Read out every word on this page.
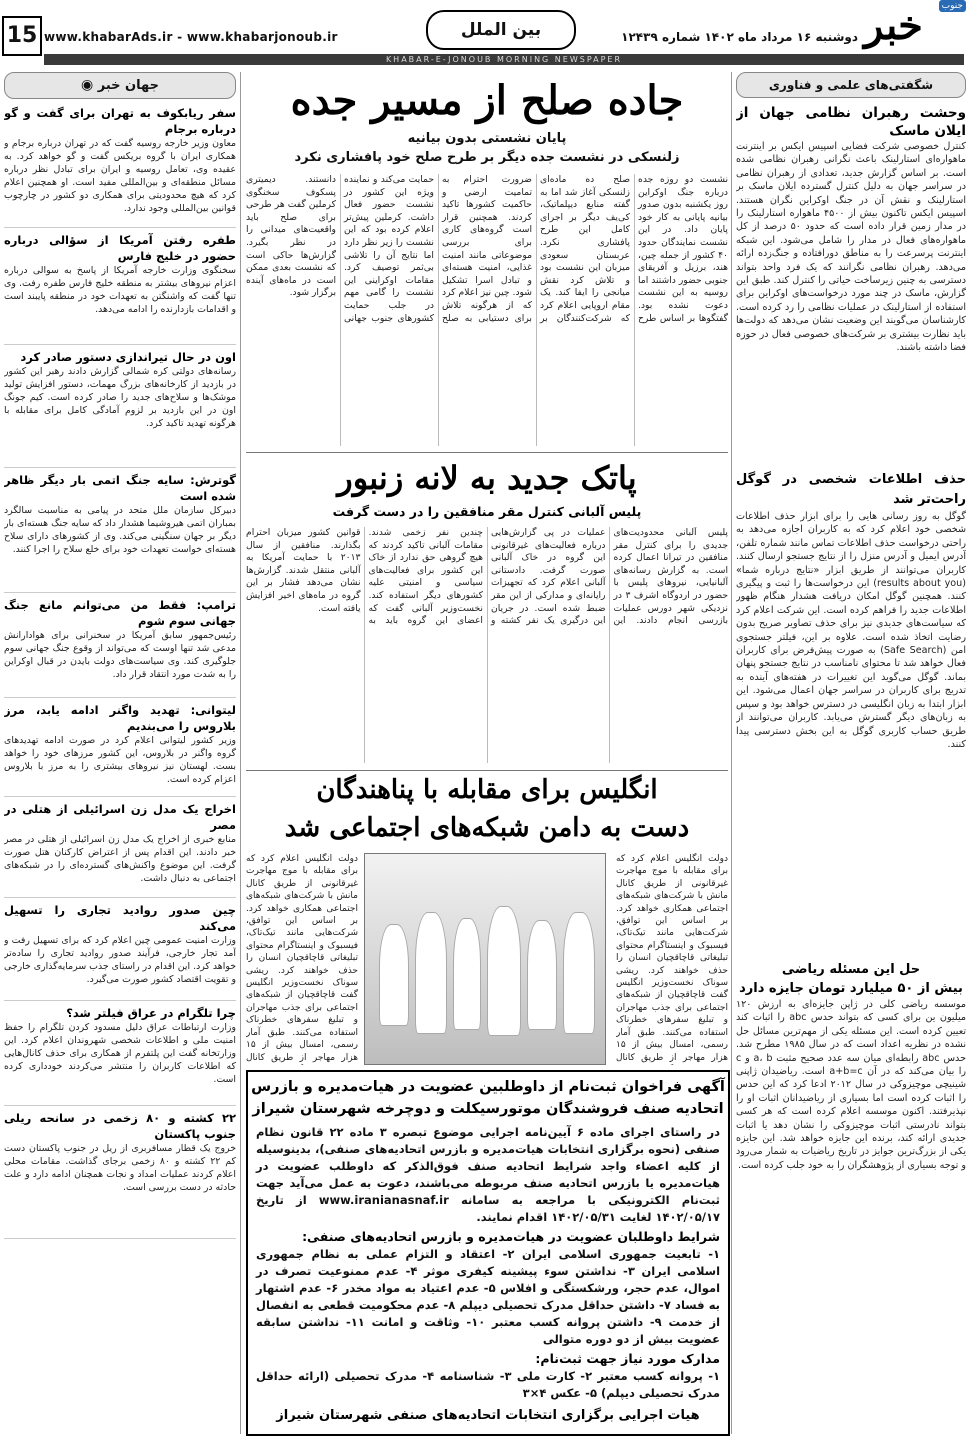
خبر	جنوب
دوشنبه ۱۶ مرداد ماه ۱۴۰۲ شماره ۱۲۴۳۹
بین الملل
www.khabarAds.ir - www.khabarjonoub.ir
15
KHABAR-E-JONOUB MORNING NEWSPAPER
شگفتی‌های علمی و فناوری
وحشت رهبران نظامی جهان از ایلان ماسک
کنترل خصوصی شرکت فضایی اسپیس ایکس بر اینترنت ماهواره‌ای استارلینک باعث نگرانی رهبران نظامی شده است. بر اساس گزارش جدید، تعدادی از رهبران نظامی در سراسر جهان به دلیل کنترل گسترده ایلان ماسک بر استارلینک و نقش آن در جنگ اوکراین نگران هستند. اسپیس ایکس تاکنون بیش از ۴۵۰۰ ماهواره استارلینک را در مدار زمین قرار داده است که حدود ۵۰ درصد از کل ماهواره‌های فعال در مدار را شامل می‌شود. این شبکه اینترنت پرسرعت را به مناطق دورافتاده و جنگ‌زده ارائه می‌دهد. رهبران نظامی نگرانند که یک فرد واحد بتواند دسترسی به چنین زیرساخت حیاتی را کنترل کند. طبق این گزارش، ماسک در چند مورد درخواست‌های اوکراین برای استفاده از استارلینک در عملیات نظامی را رد کرده است. کارشناسان می‌گویند این وضعیت نشان می‌دهد که دولت‌ها باید نظارت بیشتری بر شرکت‌های خصوصی فعال در حوزه فضا داشته باشند.
حذف اطلاعات شخصی در گوگل راحت‌تر شد
گوگل به روز رسانی هایی را برای ابزار حذف اطلاعات شخصی خود اعلام کرد که به کاربران اجازه می‌دهد به راحتی درخواست حذف اطلاعات تماس مانند شماره تلفن، آدرس ایمیل و آدرس منزل را از نتایج جستجو ارسال کنند. کاربران می‌توانند از طریق ابزار «نتایج درباره شما» (results about you) این درخواست‌ها را ثبت و پیگیری کنند. همچنین گوگل امکان دریافت هشدار هنگام ظهور اطلاعات جدید را فراهم کرده است. این شرکت اعلام کرد که سیاست‌های جدیدی نیز برای حذف تصاویر صریح بدون رضایت اتخاذ شده است. علاوه بر این، فیلتر جستجوی امن (Safe Search) به صورت پیش‌فرض برای کاربران فعال خواهد شد تا محتوای نامناسب در نتایج جستجو پنهان بماند. گوگل می‌گوید این تغییرات در هفته‌های آینده به تدریج برای کاربران در سراسر جهان اعمال می‌شود. این ابزار ابتدا به زبان انگلیسی در دسترس خواهد بود و سپس به زبان‌های دیگر گسترش می‌یابد. کاربران می‌توانند از طریق حساب کاربری گوگل به این بخش دسترسی پیدا کنند.
حل این مسئله ریاضی
بیش از ۵۰ میلیارد تومان جایزه دارد
موسسه ریاضی کلی در ژاپن جایزه‌ای به ارزش ۱۲۰ میلیون ین برای کسی که بتواند حدس abc را اثبات کند تعیین کرده است. این مسئله یکی از مهم‌ترین مسائل حل نشده در نظریه اعداد است که در سال ۱۹۸۵ مطرح شد. حدس abc رابطه‌ای میان سه عدد صحیح مثبت a، b و c را بیان می‌کند که در آن a+b=c است. ریاضیدان ژاپنی شینیچی موچیزوکی در سال ۲۰۱۲ ادعا کرد که این حدس را اثبات کرده است اما بسیاری از ریاضیدانان اثبات او را نپذیرفتند. اکنون موسسه اعلام کرده است که هر کسی بتواند نادرستی اثبات موچیزوکی را نشان دهد یا اثبات جدیدی ارائه کند، برنده این جایزه خواهد شد. این جایزه یکی از بزرگ‌ترین جوایز در تاریخ ریاضیات به شمار می‌رود و توجه بسیاری از پژوهشگران را به خود جلب کرده است.
جاده صلح از مسیر جده
پایان نشستی بدون بیانیه
زلنسکی در نشست جده دیگر بر طرح صلح خود پافشاری نکرد
نشست دو روزه جده درباره جنگ اوکراین روز یکشنبه بدون صدور بیانیه پایانی به کار خود پایان داد. در این نشست نمایندگان حدود ۴۰ کشور از جمله چین، هند، برزیل و آفریقای جنوبی حضور داشتند اما روسیه به این نشست دعوت نشده بود. گفتگوها بر اساس طرح صلح ده ماده‌ای زلنسکی آغاز شد اما به گفته منابع دیپلماتیک، کی‌یف دیگر بر اجرای کامل این طرح پافشاری نکرد. عربستان سعودی میزبان این نشست بود و تلاش کرد نقش میانجی را ایفا کند. یک مقام اروپایی اعلام کرد که شرکت‌کنندگان بر ضرورت احترام به تمامیت ارضی و حاکمیت کشورها تاکید کردند. همچنین قرار است گروه‌های کاری برای بررسی موضوعاتی مانند امنیت غذایی، امنیت هسته‌ای و تبادل اسرا تشکیل شود. چین نیز اعلام کرد که از هرگونه تلاش برای دستیابی به صلح حمایت می‌کند و نماینده ویژه این کشور در نشست حضور فعال داشت. کرملین پیش‌تر اعلام کرده بود که این نشست را زیر نظر دارد اما نتایج آن را تلاشی بی‌ثمر توصیف کرد. مقامات اوکراینی این نشست را گامی مهم در جلب حمایت کشورهای جنوب جهانی دانستند. دیمیتری پسکوف سخنگوی کرملین گفت هر طرحی برای صلح باید واقعیت‌های میدانی را در نظر بگیرد. گزارش‌ها حاکی است که نشست بعدی ممکن است در ماه‌های آینده برگزار شود.
پاتک جدید به لانه زنبور
پلیس آلبانی کنترل مقر منافقین را در دست گرفت
پلیس آلبانی محدودیت‌های جدیدی را برای کنترل مقر منافقین در تیرانا اعمال کرده است. به گزارش رسانه‌های آلبانیایی، نیروهای پلیس با حضور در اردوگاه اشرف ۳ در نزدیکی شهر دورس عملیات بازرسی انجام دادند. این عملیات در پی گزارش‌هایی درباره فعالیت‌های غیرقانونی این گروه در خاک آلبانی صورت گرفت. دادستانی آلبانی اعلام کرد که تجهیزات رایانه‌ای و مدارکی از این مقر ضبط شده است. در جریان این درگیری یک نفر کشته و چندین نفر زخمی شدند. مقامات آلبانی تاکید کردند که هیچ گروهی حق ندارد از خاک این کشور برای فعالیت‌های سیاسی و امنیتی علیه کشورهای دیگر استفاده کند. نخست‌وزیر آلبانی گفت که اعضای این گروه باید به قوانین کشور میزبان احترام بگذارند. منافقین از سال ۲۰۱۳ با حمایت آمریکا به آلبانی منتقل شدند. گزارش‌ها نشان می‌دهد فشار بر این گروه در ماه‌های اخیر افزایش یافته است.
انگلیس برای مقابله با پناهندگان
دست به دامن شبکه‌های اجتماعی شد
دولت انگلیس اعلام کرد که برای مقابله با موج مهاجرت غیرقانونی از طریق کانال مانش با شرکت‌های شبکه‌های اجتماعی همکاری خواهد کرد. بر اساس این توافق، شرکت‌هایی مانند تیک‌تاک، فیسبوک و اینستاگرام محتوای تبلیغاتی قاچاقچیان انسان را حذف خواهند کرد. ریشی سوناک نخست‌وزیر انگلیس گفت قاچاقچیان از شبکه‌های اجتماعی برای جذب مهاجران و تبلیغ سفرهای خطرناک استفاده می‌کنند. طبق آمار رسمی، امسال بیش از ۱۵ هزار مهاجر از طریق کانال
دولت انگلیس اعلام کرد که برای مقابله با موج مهاجرت غیرقانونی از طریق کانال مانش با شرکت‌های شبکه‌های اجتماعی همکاری خواهد کرد. بر اساس این توافق، شرکت‌هایی مانند تیک‌تاک، فیسبوک و اینستاگرام محتوای تبلیغاتی قاچاقچیان انسان را حذف خواهند کرد. ریشی سوناک نخست‌وزیر انگلیس گفت قاچاقچیان از شبکه‌های اجتماعی برای جذب مهاجران و تبلیغ سفرهای خطرناک استفاده می‌کنند. طبق آمار رسمی، امسال بیش از ۱۵ هزار مهاجر از طریق کانال
آگهی فراخوان ثبت‌نام از داوطلبین عضویت در هیات‌مدیره و بازرس
اتحادیه صنف فروشندگان موتورسیکلت و دوچرخه شهرستان شیراز
در راستای اجرای ماده ۶ آیین‌نامه اجرایی موضوع تبصره ۳ ماده ۲۲ قانون نظام صنفی (نحوه برگزاری انتخابات هیات‌مدیره و بازرس اتحادیه‌های صنفی)، بدینوسیله از کلیه اعضاء واجد شرایط اتحادیه صنف فوق‌الذکر که داوطلب عضویت در هیات‌مدیره یا بازرس اتحادیه صنف مربوطه می‌باشند، دعوت به عمل می‌آید جهت ثبت‌نام الکترونیکی با مراجعه به سامانه www.iranianasnaf.ir از تاریخ ۱۴۰۲/۰۵/۱۷ لغایت ۱۴۰۲/۰۵/۳۱ اقدام نمایند.
شرایط داوطلبان عضویت در هیات‌مدیره و بازرس اتحادیه‌های صنفی:
۱- تابعیت جمهوری اسلامی ایران ۲- اعتقاد و التزام عملی به نظام جمهوری اسلامی ایران ۳- نداشتن سوء پیشینه کیفری موثر ۴- عدم ممنوعیت تصرف در اموال، عدم حجر، ورشکستگی و افلاس ۵- عدم اعتیاد به مواد مخدر ۶- عدم اشتهار به فساد ۷- داشتن حداقل مدرک تحصیلی دیپلم ۸- عدم محکومیت قطعی به انفصال از خدمت ۹- داشتن پروانه کسب معتبر ۱۰- وثاقت و امانت ۱۱- نداشتن سابقه عضویت بیش از دو دوره متوالی
مدارک مورد نیاز جهت ثبت‌نام:
۱- پروانه کسب معتبر ۲- کارت ملی ۳- شناسنامه ۴- مدرک تحصیلی (ارائه حداقل مدرک تحصیلی دیپلم) ۵- عکس ۴×۳
هیات اجرایی برگزاری انتخابات اتحادیه‌های صنفی شهرستان شیراز
◉ جهان خبر
سفر ریابکوف به تهران برای گفت و گو درباره برجام
معاون وزیر خارجه روسیه گفت که در تهران درباره برجام و همکاری ایران با گروه بریکس گفت و گو خواهد کرد. به عقیده وی، تعامل روسیه و ایران برای تبادل نظر درباره مسائل منطقه‌ای و بین‌المللی مفید است. او همچنین اعلام کرد که هیچ محدودیتی برای همکاری دو کشور در چارچوب قوانین بین‌المللی وجود ندارد.
طفره رفتن آمریکا از سؤالی درباره حضور در خلیج فارس
سخنگوی وزارت خارجه آمریکا از پاسخ به سوالی درباره اعزام نیروهای بیشتر به منطقه خلیج فارس طفره رفت. وی تنها گفت که واشنگتن به تعهدات خود در منطقه پایبند است و اقدامات بازدارنده را ادامه می‌دهد.
اون در حال تیراندازی دستور صادر کرد
رسانه‌های دولتی کره شمالی گزارش دادند رهبر این کشور در بازدید از کارخانه‌های بزرگ مهمات، دستور افزایش تولید موشک‌ها و سلاح‌های جدید را صادر کرده است. کیم جونگ اون در این بازدید بر لزوم آمادگی کامل برای مقابله با هرگونه تهدید تاکید کرد.
گوترش: سایه جنگ اتمی بار دیگر ظاهر شده است
دبیرکل سازمان ملل متحد در پیامی به مناسبت سالگرد بمباران اتمی هیروشیما هشدار داد که سایه جنگ هسته‌ای بار دیگر بر جهان سنگینی می‌کند. وی از کشورهای دارای سلاح هسته‌ای خواست تعهدات خود برای خلع سلاح را اجرا کنند.
ترامپ: فقط من می‌توانم مانع جنگ جهانی سوم شوم
رئیس‌جمهور سابق آمریکا در سخنرانی برای هوادارانش مدعی شد تنها اوست که می‌تواند از وقوع جنگ جهانی سوم جلوگیری کند. وی سیاست‌های دولت بایدن در قبال اوکراین را به شدت مورد انتقاد قرار داد.
لیتوانی: تهدید واگنر ادامه یابد، مرز بلاروس را می‌بندیم
وزیر کشور لیتوانی اعلام کرد در صورت ادامه تهدیدهای گروه واگنر در بلاروس، این کشور مرزهای خود را خواهد بست. لهستان نیز نیروهای بیشتری را به مرز با بلاروس اعزام کرده است.
اخراج یک مدل زن اسرائیلی از هتلی در مصر
منابع خبری از اخراج یک مدل زن اسرائیلی از هتلی در مصر خبر دادند. این اقدام پس از اعتراض کارکنان هتل صورت گرفت. این موضوع واکنش‌های گسترده‌ای را در شبکه‌های اجتماعی به دنبال داشت.
چین صدور روادید تجاری را تسهیل می‌کند
وزارت امنیت عمومی چین اعلام کرد که برای تسهیل رفت و آمد تجار خارجی، فرآیند صدور روادید تجاری را ساده‌تر خواهد کرد. این اقدام در راستای جذب سرمایه‌گذاری خارجی و تقویت اقتصاد کشور صورت می‌گیرد.
چرا تلگرام در عراق فیلتر شد؟
وزارت ارتباطات عراق دلیل مسدود کردن تلگرام را حفظ امنیت ملی و اطلاعات شخصی شهروندان اعلام کرد. این وزارتخانه گفت این پلتفرم از همکاری برای حذف کانال‌هایی که اطلاعات کاربران را منتشر می‌کردند خودداری کرده است.
۲۲ کشته و ۸۰ زخمی در سانحه ریلی جنوب پاکستان
خروج یک قطار مسافربری از ریل در جنوب پاکستان دست کم ۲۲ کشته و ۸۰ زخمی برجای گذاشت. مقامات محلی اعلام کردند عملیات امداد و نجات همچنان ادامه دارد و علت حادثه در دست بررسی است.
